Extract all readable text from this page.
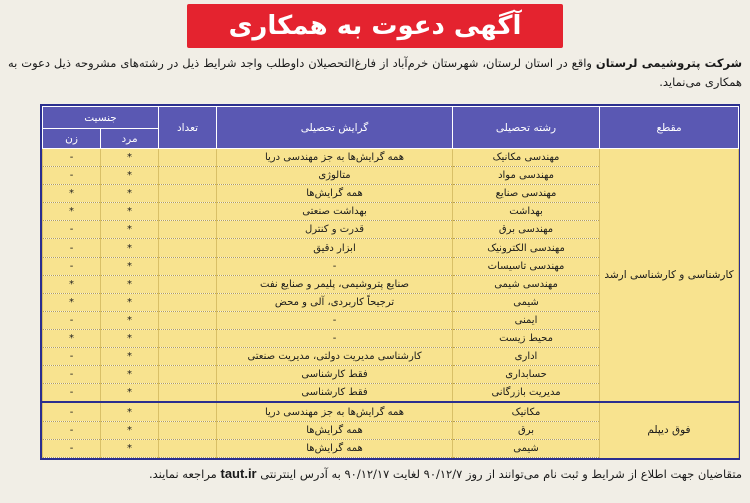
آگهی دعوت به همکاری
شرکت پتروشیمی لرستان واقع در استان لرستان، شهرستان خرم‌آباد از فارغ‌التحصیلان داوطلب واجد شرایط ذیل در رشته‌های مشروحه ذیل دعوت به همکاری می‌نماید.
مقطع	رشته تحصیلی	گرایش تحصیلی	تعداد	جنسیت	
				مرد	زن
کارشناسی و کارشناسی ارشد	مهندسی مکانیک	همه گرایش‌ها به جز مهندسی دریا		*	-
	مهندسی مواد	متالوژی		*	-
	مهندسی صنایع	همه گرایش‌ها		*	*
	بهداشت	بهداشت صنعتی		*	*
	مهندسی برق	قدرت و کنترل		*	-
	مهندسی الکترونیک	ابزار دقیق		*	-
	مهندسی تاسیسات	-		*	-
	مهندسی شیمی	صنایع پتروشیمی، پلیمر و صنایع نفت		*	*
	شیمی	ترجیحاً کاربردی، آلی و محض		*	*
	ایمنی	-		*	-
	محیط زیست	-		*	*
	اداری	کارشناسی مدیریت دولتی، مدیریت صنعتی		*	-
	حسابداری	فقط کارشناسی		*	-
	مدیریت بازرگانی	فقط کارشناسی		*	-
فوق دیپلم	مکانیک	همه گرایش‌ها به جز مهندسی دریا		*	-
	برق	همه گرایش‌ها		*	-
	شیمی	همه گرایش‌ها		*	-
متقاضیان جهت اطلاع از شرایط و ثبت نام می‌توانند از روز ۹۰/۱۲/۷ لغایت ۹۰/۱۲/۱۷ به آدرس اینترنتی taut.ir مراجعه نمایند.
